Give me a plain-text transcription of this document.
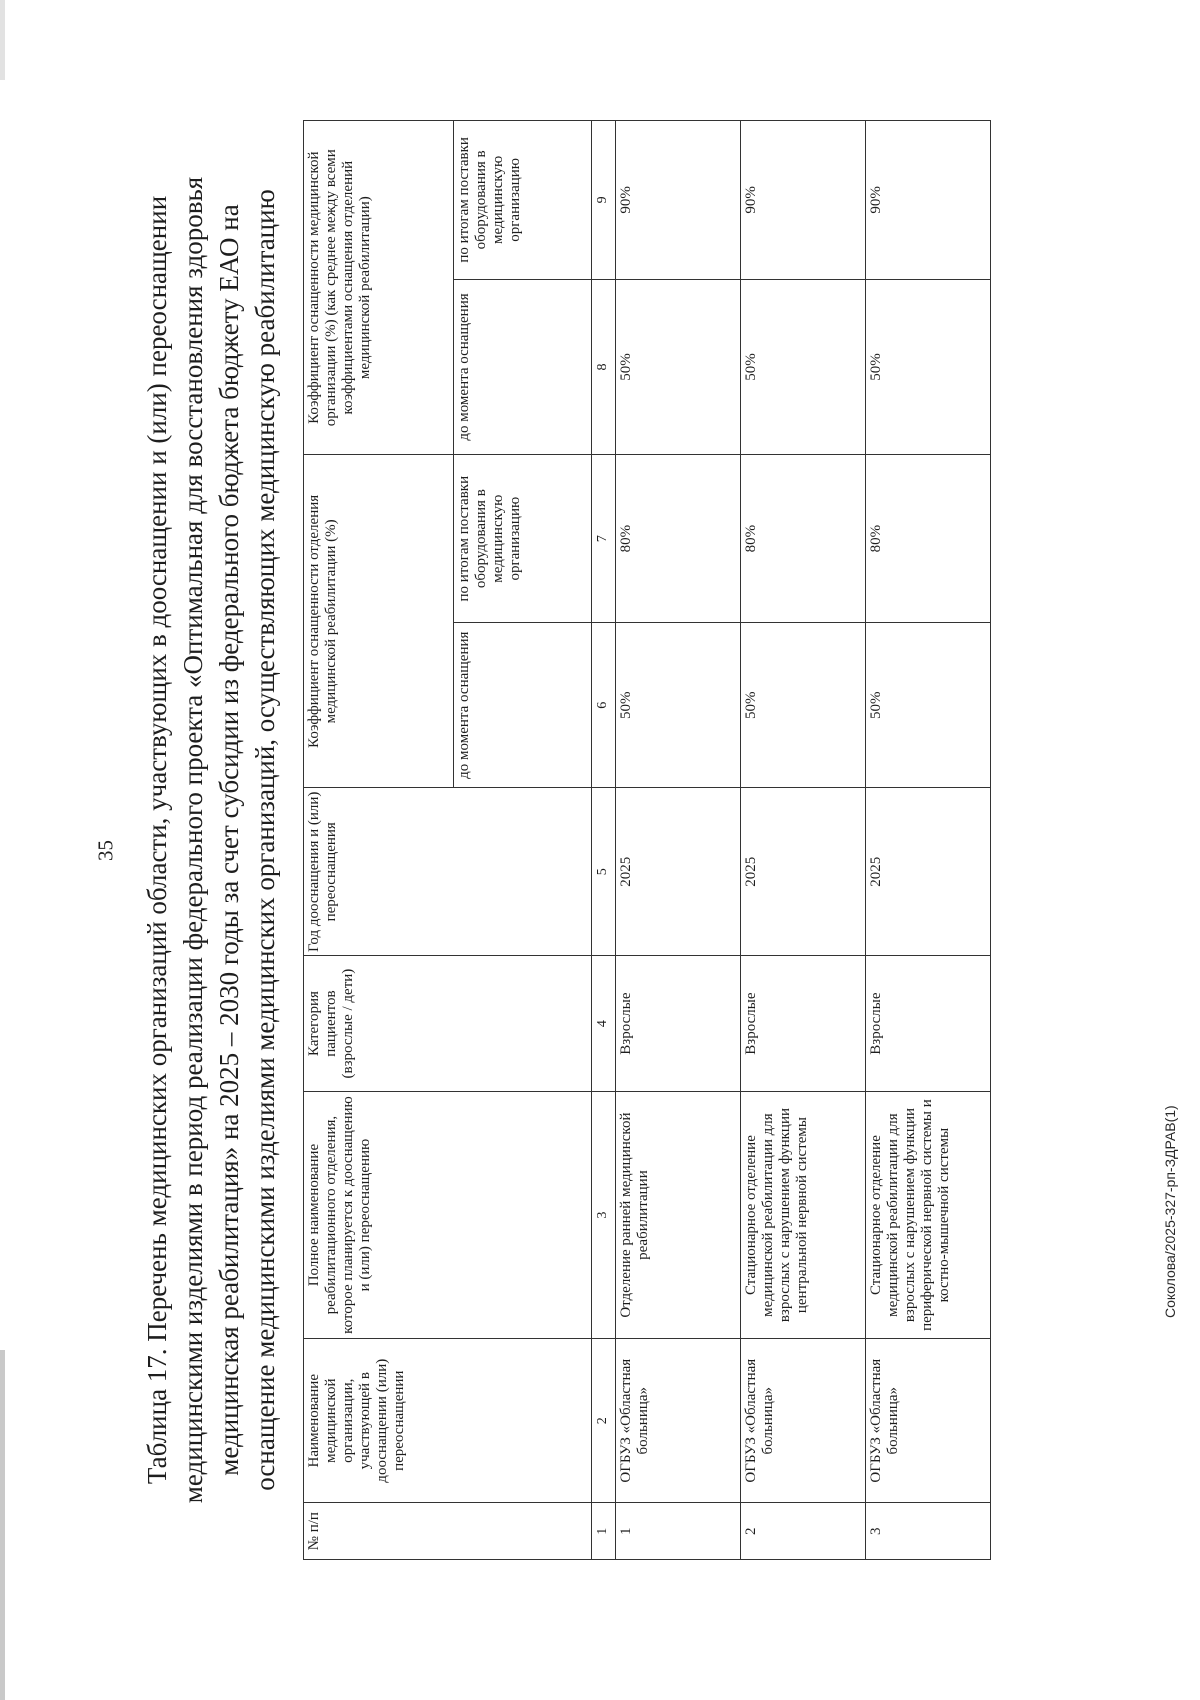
35
Соколова/2025-327-рп-ЗДРАВ(1)
Таблица 17. Перечень медицинских организаций области, участвующих в дооснащении и (или) переоснащении медицинскими изделиями в период реализации федерального проекта «Оптимальная для восстановления здоровья медицинская реабилитация» на 2025 – 2030 годы за счет субсидии из федерального бюджета бюджету ЕАО на оснащение медицинскими изделиями медицинских организаций, осуществляющих медицинскую реабилитацию
№ п/п	Наименование медицинской организации, участвующей в дооснащении (или) переоснащении	Полное наименование реабилитационного отделения, которое планируется к дооснащению и (или) переоснащению	Категория пациентов (взрослые / дети)	Год дооснащения и (или) переоснащения	Коэффициент оснащенности отделения медицинской реабилитации (%)		Коэффициент оснащенности медицинской организации (%) (как среднее между всеми коэффициентами оснащения отделений медицинской реабилитации)	
					до момента оснащения	по итогам поставки оборудования в медицинскую организацию	до момента оснащения	по итогам поставки оборудования в медицинскую организацию
1	2	3	4	5	6	7	8	9
1	ОГБУЗ «Областная больница»	Отделение ранней медицинской реабилитации	Взрослые	2025	50%	80%	50%	90%
2	ОГБУЗ «Областная больница»	Стационарное отделение медицинской реабилитации для взрослых с нарушением функции центральной нервной системы	Взрослые	2025	50%	80%	50%	90%
3	ОГБУЗ «Областная больница»	Стационарное отделение медицинской реабилитации для взрослых с нарушением функции периферической нервной системы и костно-мышечной системы	Взрослые	2025	50%	80%	50%	90%
